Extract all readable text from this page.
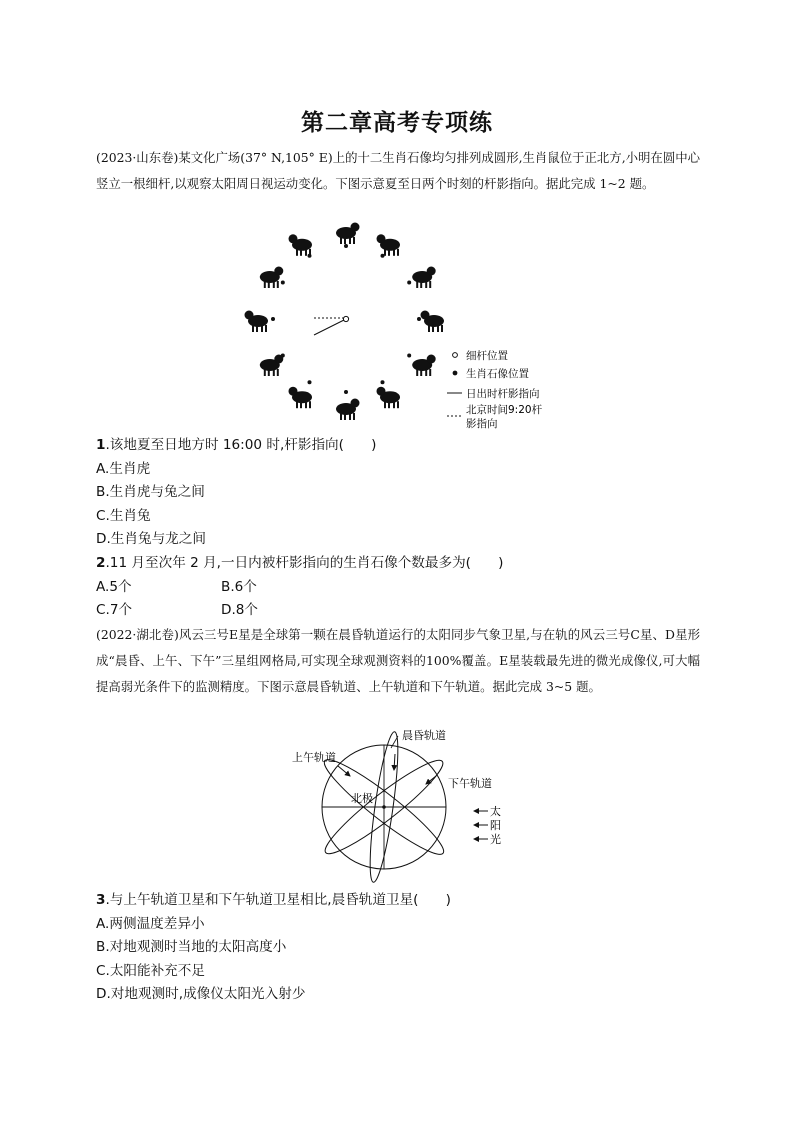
第二章高考专项练
(2023·山东卷)某文化广场(37° N,105° E)上的十二生肖石像均匀排列成圆形,生肖鼠位于正北方,小明在圆中心竖立一根细杆,以观察太阳周日视运动变化。下图示意夏至日两个时刻的杆影指向。据此完成 1~2 题。
细杆位置
生肖石像位置
日出时杆影指向
北京时间9:20杆
影指向
1.该地夏至日地方时 16:00 时,杆影指向(　　)
A.生肖虎
B.生肖虎与兔之间
C.生肖兔
D.生肖兔与龙之间
2.11 月至次年 2 月,一日内被杆影指向的生肖石像个数最多为(　　)
A.5个	B.6个
C.7个	D.8个
(2022·湖北卷)风云三号E星是全球第一颗在晨昏轨道运行的太阳同步气象卫星,与在轨的风云三号C星、D星形成“晨昏、上午、下午”三星组网格局,可实现全球观测资料的100%覆盖。E星装载最先进的微光成像仪,可大幅提高弱光条件下的监测精度。下图示意晨昏轨道、上午轨道和下午轨道。据此完成 3~5 题。
晨昏轨道
上午轨道
下午轨道
北极
太
阳
光
3.与上午轨道卫星和下午轨道卫星相比,晨昏轨道卫星(　　)
A.两侧温度差异小
B.对地观测时当地的太阳高度小
C.太阳能补充不足
D.对地观测时,成像仪太阳光入射少
